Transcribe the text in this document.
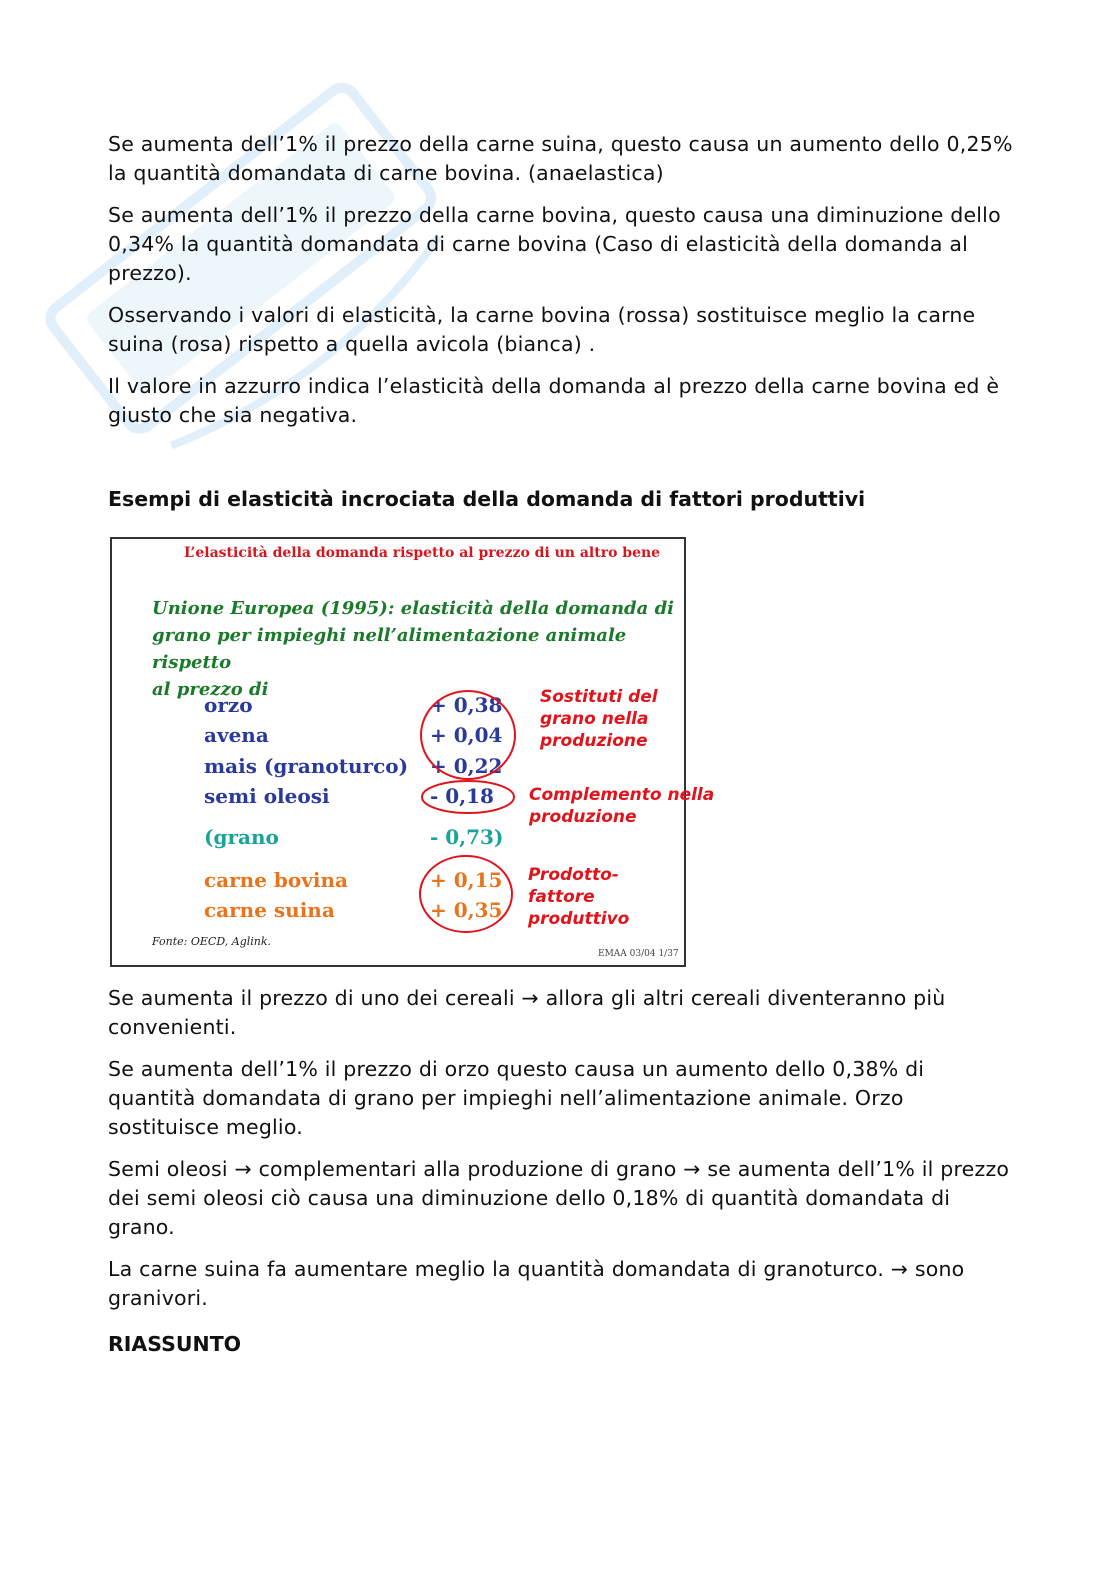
Se aumenta dell’1% il prezzo della carne suina, questo causa un aumento dello 0,25% la quantità domandata di carne bovina. (anaelastica)

Se aumenta dell’1% il prezzo della carne bovina, questo causa una diminuzione dello 0,34% la quantità domandata di carne bovina (Caso di elasticità della domanda al prezzo).

Osservando i valori di elasticità, la carne bovina (rossa) sostituisce meglio la carne suina (rosa) rispetto a quella avicola (bianca) .

Il valore in azzurro indica l’elasticità della domanda al prezzo della carne bovina ed è giusto che sia negativa.

Esempi di elasticità incrociata della domanda di fattori produttivi
L’elasticità della domanda rispetto al prezzo di un altro bene
Unione Europea (1995): elasticità della domanda di
grano per impieghi nell’alimentazione animale rispetto
al prezzo di
orzo	+ 0,38
avena	+ 0,04
mais (granoturco) + 0,22
semi oleosi	- 0,18
(grano	- 0,73)
carne bovina	+ 0,15
carne suina	+ 0,35
Sostituti del
grano nella
produzione
Complemento nella
produzione
Prodotto-
fattore
produttivo
Fonte: OECD, Aglink.
EMAA 03/04 1/37

Se aumenta il prezzo di uno dei cereali → allora gli altri cereali diventeranno più convenienti.

Se aumenta dell’1% il prezzo di orzo questo causa un aumento dello 0,38% di quantità domandata di grano per impieghi nell’alimentazione animale. Orzo sostituisce meglio.

Semi oleosi → complementari alla produzione di grano → se aumenta dell’1% il prezzo dei semi oleosi ciò causa una diminuzione dello 0,18% di quantità domandata di grano.

La carne suina fa aumentare meglio la quantità domandata di granoturco. → sono granivori.

RIASSUNTO
